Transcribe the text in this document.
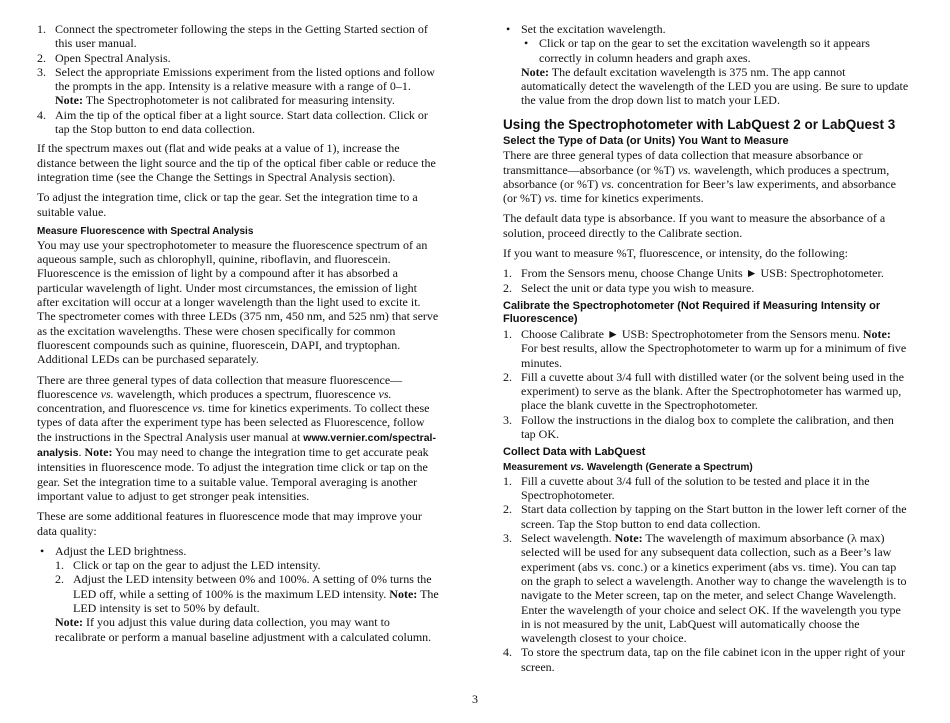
1. Connect the spectrometer following the steps in the Getting Started section of this user manual.
2. Open Spectral Analysis.
3. Select the appropriate Emissions experiment from the listed options and follow the prompts in the app. Intensity is a relative measure with a range of 0–1.
Note: The Spectrophotometer is not calibrated for measuring intensity.
4. Aim the tip of the optical fiber at a light source. Start data collection. Click or tap the Stop button to end data collection.

If the spectrum maxes out (flat and wide peaks at a value of 1), increase the distance between the light source and the tip of the optical fiber cable or reduce the integration time (see the Change the Settings in Spectral Analysis section).

To adjust the integration time, click or tap the gear. Set the integration time to a suitable value.

Measure Fluorescence with Spectral Analysis

You may use your spectrophotometer to measure the fluorescence spectrum of an aqueous sample, such as chlorophyll, quinine, riboflavin, and fluorescein. Fluorescence is the emission of light by a compound after it has absorbed a particular wavelength of light. Under most circumstances, the emission of light after excitation will occur at a longer wavelength than the light used to excite it. The spectrometer comes with three LEDs (375 nm, 450 nm, and 525 nm) that serve as the excitation wavelengths. These were chosen specifically for common fluorescent compounds such as quinine, fluorescein, DAPI, and tryptophan. Additional LEDs can be purchased separately.

There are three general types of data collection that measure fluorescence—fluorescence vs. wavelength, which produces a spectrum, fluorescence vs. concentration, and fluorescence vs. time for kinetics experiments. To collect these types of data after the experiment type has been selected as Fluorescence, follow the instructions in the Spectral Analysis user manual at www.vernier.com/spectral-analysis. Note: You may need to change the integration time to get accurate peak intensities in fluorescence mode. To adjust the integration time click or tap on the gear. Set the integration time to a suitable value. Temporal averaging is another important value to adjust to get stronger peak intensities.

These are some additional features in fluorescence mode that may improve your data quality:

• Adjust the LED brightness.
1. Click or tap on the gear to adjust the LED intensity.
2. Adjust the LED intensity between 0% and 100%. A setting of 0% turns the LED off, while a setting of 100% is the maximum LED intensity. Note: The LED intensity is set to 50% by default.
Note: If you adjust this value during data collection, you may want to recalibrate or perform a manual baseline adjustment with a calculated column.
• Set the excitation wavelength.
• Click or tap on the gear to set the excitation wavelength so it appears correctly in column headers and graph axes.
Note: The default excitation wavelength is 375 nm. The app cannot automatically detect the wavelength of the LED you are using. Be sure to update the value from the drop down list to match your LED.
Using the Spectrophotometer with LabQuest 2 or LabQuest 3
Select the Type of Data (or Units) You Want to Measure

There are three general types of data collection that measure absorbance or transmittance—absorbance (or %T) vs. wavelength, which produces a spectrum, absorbance (or %T) vs. concentration for Beer’s law experiments, and absorbance (or %T) vs. time for kinetics experiments.

The default data type is absorbance. If you want to measure the absorbance of a solution, proceed directly to the Calibrate section.

If you want to measure %T, fluorescence, or intensity, do the following:

1. From the Sensors menu, choose Change Units ► USB: Spectrophotometer.
2. Select the unit or data type you wish to measure.
Calibrate the Spectrophotometer (Not Required if Measuring Intensity or Fluorescence)
1. Choose Calibrate ► USB: Spectrophotometer from the Sensors menu. Note: For best results, allow the Spectrophotometer to warm up for a minimum of five minutes.
2. Fill a cuvette about 3/4 full with distilled water (or the solvent being used in the experiment) to serve as the blank. After the Spectrophotometer has warmed up, place the blank cuvette in the Spectrophotometer.
3. Follow the instructions in the dialog box to complete the calibration, and then tap OK.
Collect Data with LabQuest
Measurement vs. Wavelength (Generate a Spectrum)
1. Fill a cuvette about 3/4 full of the solution to be tested and place it in the Spectrophotometer.
2. Start data collection by tapping on the Start button in the lower left corner of the screen. Tap the Stop button to end data collection.
3. Select wavelength. Note: The wavelength of maximum absorbance (λ max) selected will be used for any subsequent data collection, such as a Beer’s law experiment (abs vs. conc.) or a kinetics experiment (abs vs. time). You can tap on the graph to select a wavelength. Another way to change the wavelength is to navigate to the Meter screen, tap on the meter, and select Change Wavelength. Enter the wavelength of your choice and select OK. If the wavelength you type in is not measured by the unit, LabQuest will automatically choose the wavelength closest to your choice.
4. To store the spectrum data, tap on the file cabinet icon in the upper right of your screen.
3
